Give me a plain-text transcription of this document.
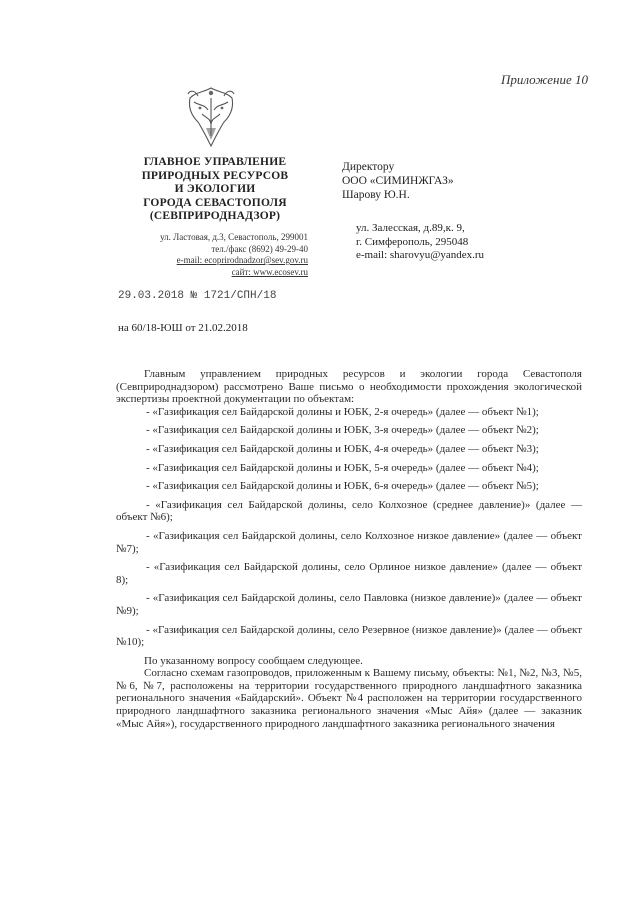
Приложение 10
ГЛАВНОЕ УПРАВЛЕНИЕ
ПРИРОДНЫХ РЕСУРСОВ
И ЭКОЛОГИИ
ГОРОДА СЕВАСТОПОЛЯ
(СЕВПРИРОДНАДЗОР)
ул. Ластовая, д.3, Севастополь, 299001
тел./факс (8692) 49-29-40
e-mail: ecoprirodnadzor@sev.gov.ru
сайт: www.ecosev.ru
Директору
ООО «СИМИНЖГАЗ»
Шарову Ю.Н.
ул. Залесская, д.89,к. 9,
г. Симферополь, 295048
e-mail: sharovyu@yandex.ru
29.03.2018 № 1721/СПН/18
на 60/18-ЮШ от 21.02.2018

Главным управлением природных ресурсов и экологии города Севастополя (Севприроднадзором) рассмотрено Ваше письмо о необходимости прохождения экологической экспертизы проектной документации по объектам:

- «Газификация сел Байдарской долины и ЮБК, 2-я очередь» (далее — объект №1);
- «Газификация сел Байдарской долины и ЮБК, 3-я очередь» (далее — объект №2);
- «Газификация сел Байдарской долины и ЮБК, 4-я очередь» (далее — объект №3);
- «Газификация сел Байдарской долины и ЮБК, 5-я очередь» (далее — объект №4);
- «Газификация сел Байдарской долины и ЮБК, 6-я очередь» (далее — объект №5);
- «Газификация сел Байдарской долины, село Колхозное (среднее давление)» (далее — объект №6);
- «Газификация сел Байдарской долины, село Колхозное низкое давление» (далее — объект №7);
- «Газификация сел Байдарской долины, село Орлиное низкое давление» (далее — объект 8);
- «Газификация сел Байдарской долины, село Павловка (низкое давление)» (далее — объект №9);
- «Газификация сел Байдарской долины, село Резервное (низкое давление)» (далее — объект №10);

По указанному вопросу сообщаем следующее.

Согласно схемам газопроводов, приложенным к Вашему письму, объекты: №1, №2, №3, №5, №6, №7, расположены на территории государственного природного ландшафтного заказника регионального значения «Байдарский». Объект №4 расположен на территории государственного природного ландшафтного заказника регионального значения «Мыс Айя» (далее — заказник «Мыс Айя»), государственного природного ландшафтного заказника регионального значения
